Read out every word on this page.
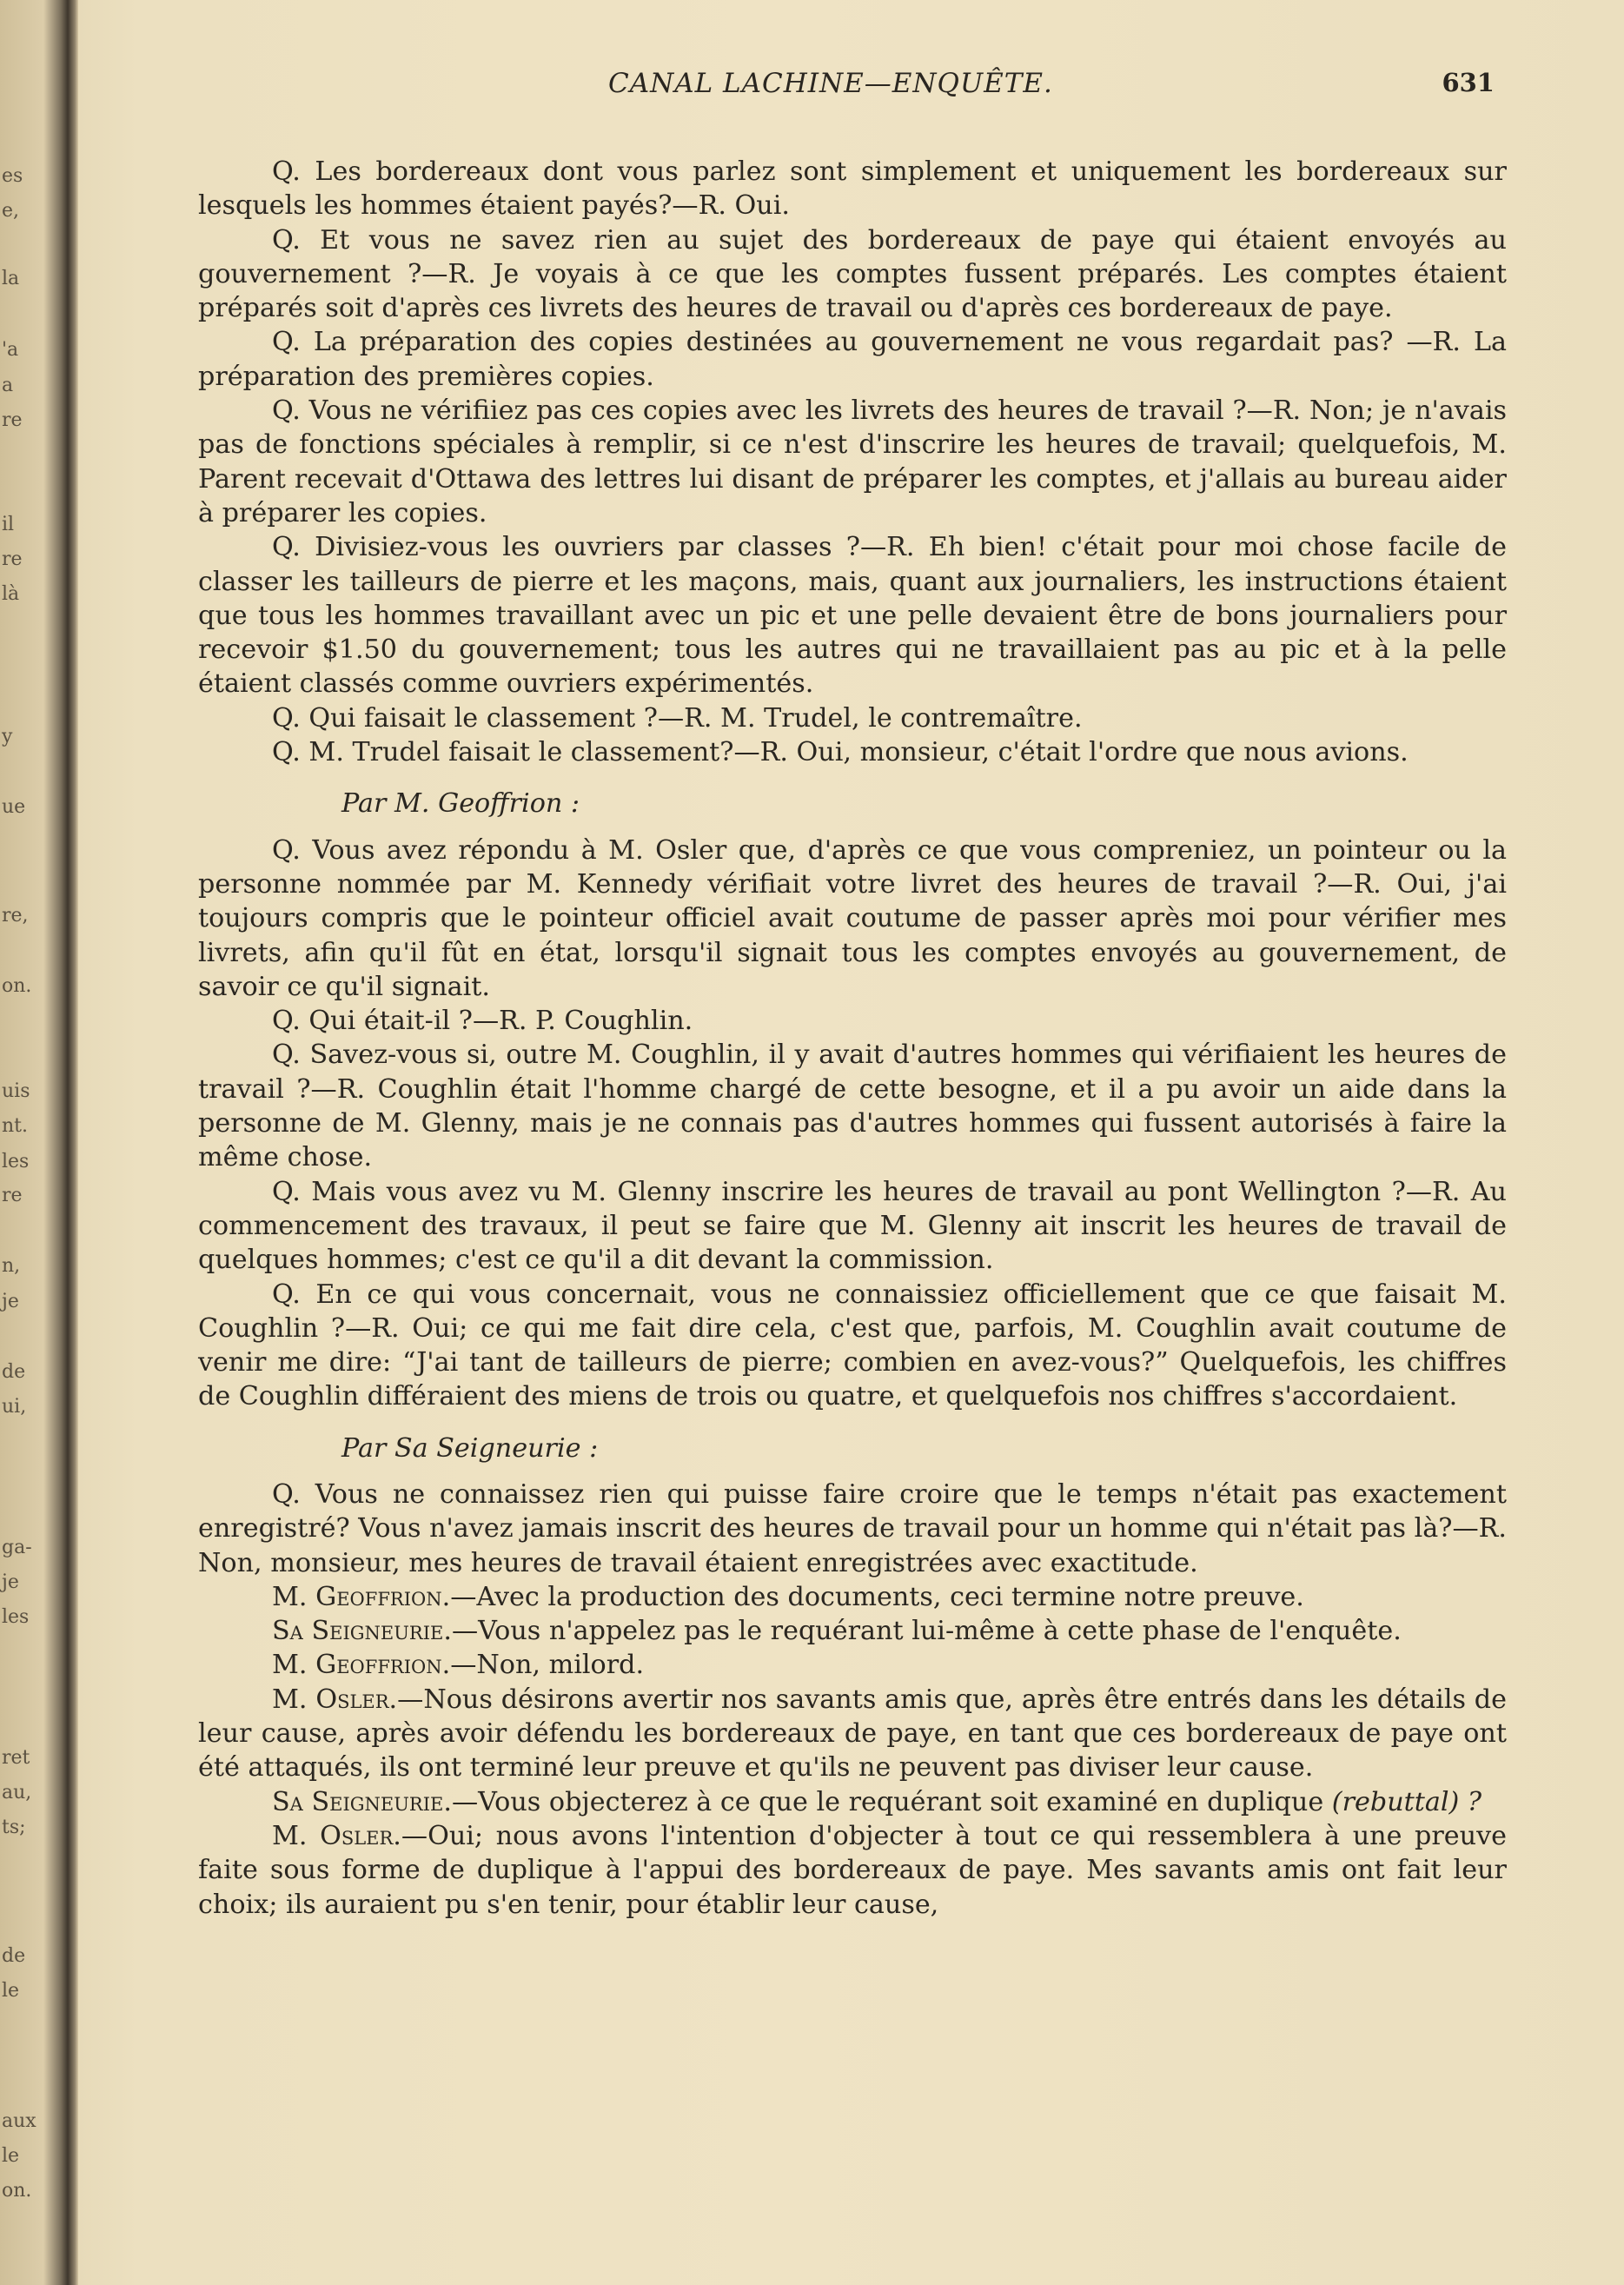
es
e,
la
'a
a
re
il
re
là
y
ue
re,
on.
uis
nt.
les
re
n,
je
de
ui,
ga-
je
les
ret
au,
ts;
de
le
aux
le
on.
CANAL LACHINE—ENQUÊTE.	631

Q. Les bordereaux dont vous parlez sont simplement et uniquement les bordereaux sur lesquels les hommes étaient payés?—R. Oui.

Q. Et vous ne savez rien au sujet des bordereaux de paye qui étaient envoyés au gouvernement ?—R. Je voyais à ce que les comptes fussent préparés. Les comptes étaient préparés soit d'après ces livrets des heures de travail ou d'après ces bordereaux de paye.

Q. La préparation des copies destinées au gouvernement ne vous regardait pas? —R. La préparation des premières copies.

Q. Vous ne vérifiiez pas ces copies avec les livrets des heures de travail ?—R. Non; je n'avais pas de fonctions spéciales à remplir, si ce n'est d'inscrire les heures de travail; quelquefois, M. Parent recevait d'Ottawa des lettres lui disant de préparer les comptes, et j'allais au bureau aider à préparer les copies.

Q. Divisiez-vous les ouvriers par classes ?—R. Eh bien! c'était pour moi chose facile de classer les tailleurs de pierre et les maçons, mais, quant aux journaliers, les instructions étaient que tous les hommes travaillant avec un pic et une pelle devaient être de bons journaliers pour recevoir $1.50 du gouvernement; tous les autres qui ne travaillaient pas au pic et à la pelle étaient classés comme ouvriers expérimentés.

Q. Qui faisait le classement ?—R. M. Trudel, le contremaître.

Q. M. Trudel faisait le classement?—R. Oui, monsieur, c'était l'ordre que nous avions.

Par M. Geoffrion :

Q. Vous avez répondu à M. Osler que, d'après ce que vous compreniez, un pointeur ou la personne nommée par M. Kennedy vérifiait votre livret des heures de travail ?—R. Oui, j'ai toujours compris que le pointeur officiel avait coutume de passer après moi pour vérifier mes livrets, afin qu'il fût en état, lorsqu'il signait tous les comptes envoyés au gouvernement, de savoir ce qu'il signait.

Q. Qui était-il ?—R. P. Coughlin.

Q. Savez-vous si, outre M. Coughlin, il y avait d'autres hommes qui vérifiaient les heures de travail ?—R. Coughlin était l'homme chargé de cette besogne, et il a pu avoir un aide dans la personne de M. Glenny, mais je ne connais pas d'autres hommes qui fussent autorisés à faire la même chose.

Q. Mais vous avez vu M. Glenny inscrire les heures de travail au pont Wellington ?—R. Au commencement des travaux, il peut se faire que M. Glenny ait inscrit les heures de travail de quelques hommes; c'est ce qu'il a dit devant la commission.

Q. En ce qui vous concernait, vous ne connaissiez officiellement que ce que faisait M. Coughlin ?—R. Oui; ce qui me fait dire cela, c'est que, parfois, M. Coughlin avait coutume de venir me dire: “J'ai tant de tailleurs de pierre; combien en avez-vous?” Quelquefois, les chiffres de Coughlin différaient des miens de trois ou quatre, et quelquefois nos chiffres s'accordaient.

Par Sa Seigneurie :

Q. Vous ne connaissez rien qui puisse faire croire que le temps n'était pas exactement enregistré? Vous n'avez jamais inscrit des heures de travail pour un homme qui n'était pas là?—R. Non, monsieur, mes heures de travail étaient enregistrées avec exactitude.

M. Geoffrion.—Avec la production des documents, ceci termine notre preuve.

Sa Seigneurie.—Vous n'appelez pas le requérant lui-même à cette phase de l'enquête.

M. Geoffrion.—Non, milord.

M. Osler.—Nous désirons avertir nos savants amis que, après être entrés dans les détails de leur cause, après avoir défendu les bordereaux de paye, en tant que ces bordereaux de paye ont été attaqués, ils ont terminé leur preuve et qu'ils ne peuvent pas diviser leur cause.

Sa Seigneurie.—Vous objecterez à ce que le requérant soit examiné en duplique (rebuttal) ?

M. Osler.—Oui; nous avons l'intention d'objecter à tout ce qui ressemblera à une preuve faite sous forme de duplique à l'appui des bordereaux de paye. Mes savants amis ont fait leur choix; ils auraient pu s'en tenir, pour établir leur cause,
